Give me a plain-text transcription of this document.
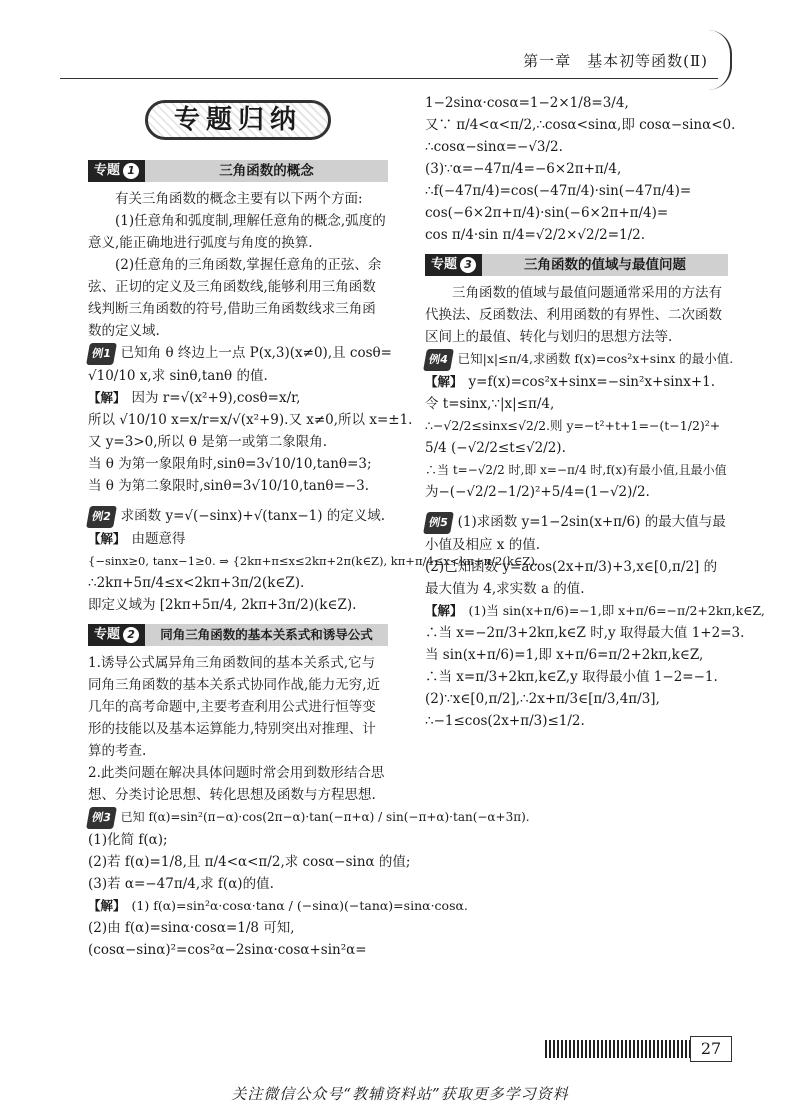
第一章　基本初等函数(Ⅱ)
专题归纳
专题 1	三角函数的概念

有关三角函数的概念主要有以下两个方面:

(1)任意角和弧度制,理解任意角的概念,弧度的意义,能正确地进行弧度与角度的换算.

(2)任意角的三角函数,掌握任意角的正弦、余弦、正切的定义及三角函数线,能够利用三角函数线判断三角函数的符号,借助三角函数线求三角函数的定义域.

例1 已知角 θ 终边上一点 P(x,3)(x≠0),且 cosθ=

√10/10 x,求 sinθ,tanθ 的值.

【解】 因为 r=√(x²+9),cosθ=x/r,

所以 √10/10 x=x/r=x/√(x²+9).又 x≠0,所以 x=±1.

又 y=3>0,所以 θ 是第一或第二象限角.

当 θ 为第一象限角时,sinθ=3√10/10,tanθ=3;

当 θ 为第二象限时,sinθ=3√10/10,tanθ=−3.

例2 求函数 y=√(−sinx)+√(tanx−1) 的定义域.

【解】 由题意得

{−sinx≥0, tanx−1≥0. ⇒ {2kπ+π≤x≤2kπ+2π(k∈Z), kπ+π/4≤x<kπ+π/2(k∈Z).

∴2kπ+5π/4≤x<2kπ+3π/2(k∈Z).

即定义域为 [2kπ+5π/4, 2kπ+3π/2)(k∈Z).

专题 2	同角三角函数的基本关系式和诱导公式

1.诱导公式属异角三角函数间的基本关系式,它与同角三角函数的基本关系式协同作战,能力无穷,近几年的高考命题中,主要考查利用公式进行恒等变形的技能以及基本运算能力,特别突出对推理、计算的考查.

2.此类问题在解决具体问题时常会用到数形结合思想、分类讨论思想、转化思想及函数与方程思想.

例3 已知 f(α)=sin²(π−α)·cos(2π−α)·tan(−π+α) / sin(−π+α)·tan(−α+3π).

(1)化简 f(α);

(2)若 f(α)=1/8,且 π/4<α<π/2,求 cosα−sinα 的值;

(3)若 α=−47π/4,求 f(α)的值.

【解】 (1) f(α)=sin²α·cosα·tanα / (−sinα)(−tanα)=sinα·cosα.

(2)由 f(α)=sinα·cosα=1/8 可知,

(cosα−sinα)²=cos²α−2sinα·cosα+sin²α=

1−2sinα·cosα=1−2×1/8=3/4,

又∵ π/4<α<π/2,∴cosα<sinα,即 cosα−sinα<0.

∴cosα−sinα=−√3/2.

(3)∵α=−47π/4=−6×2π+π/4,

∴f(−47π/4)=cos(−47π/4)·sin(−47π/4)=

cos(−6×2π+π/4)·sin(−6×2π+π/4)=

cos π/4·sin π/4=√2/2×√2/2=1/2.

专题 3	三角函数的值域与最值问题

三角函数的值域与最值问题通常采用的方法有代换法、反函数法、利用函数的有界性、二次函数区间上的最值、转化与划归的思想方法等.

例4 已知|x|≤π/4,求函数 f(x)=cos²x+sinx 的最小值.

【解】 y=f(x)=cos²x+sinx=−sin²x+sinx+1.

令 t=sinx,∵|x|≤π/4,

∴−√2/2≤sinx≤√2/2.则 y=−t²+t+1=−(t−1/2)²+

5/4 (−√2/2≤t≤√2/2).

∴当 t=−√2/2 时,即 x=−π/4 时,f(x)有最小值,且最小值

为−(−√2/2−1/2)²+5/4=(1−√2)/2.

例5 (1)求函数 y=1−2sin(x+π/6) 的最大值与最小值及相应 x 的值.

(2)已知函数 y=acos(2x+π/3)+3,x∈[0,π/2] 的最大值为 4,求实数 a 的值.

【解】 (1)当 sin(x+π/6)=−1,即 x+π/6=−π/2+2kπ,k∈Z,

∴当 x=−2π/3+2kπ,k∈Z 时,y 取得最大值 1+2=3.

当 sin(x+π/6)=1,即 x+π/6=π/2+2kπ,k∈Z,

∴当 x=π/3+2kπ,k∈Z,y 取得最小值 1−2=−1.

(2)∵x∈[0,π/2],∴2x+π/3∈[π/3,4π/3],

∴−1≤cos(2x+π/3)≤1/2.

27
关注微信公众号“教辅资料站”获取更多学习资料
